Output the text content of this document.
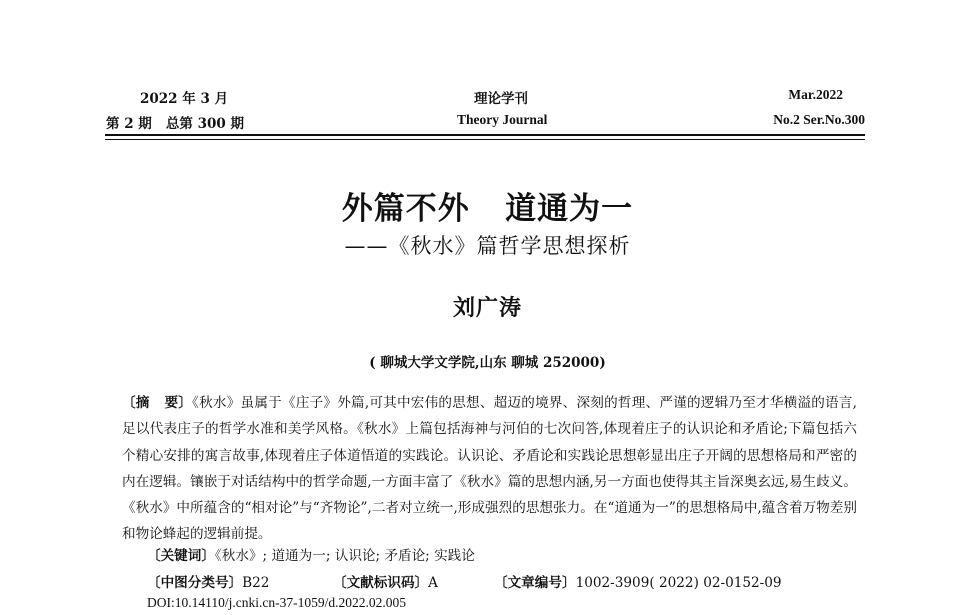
2022 年 3 月	理论学刊	Mar.2022
第 2 期   总第 300 期	Theory Journal	No.2 Ser.No.300
外篇不外   道通为一
——《秋水》篇哲学思想探析
刘广涛
( 聊城大学文学院,山东 聊城 252000)
〔摘   要〕《秋水》虽属于《庄子》外篇,可其中宏伟的思想、超迈的境界、深刻的哲理、严谨的逻辑乃至才华横溢的语言,足以代表庄子的哲学水准和美学风格。《秋水》上篇包括海神与河伯的七次问答,体现着庄子的认识论和矛盾论;下篇包括六个精心安排的寓言故事,体现着庄子体道悟道的实践论。认识论、矛盾论和实践论思想彰显出庄子开阔的思想格局和严密的内在逻辑。镶嵌于对话结构中的哲学命题,一方面丰富了《秋水》篇的思想内涵,另一方面也使得其主旨深奥玄远,易生歧义。《秋水》中所蕴含的“相对论”与“齐物论”,二者对立统一,形成强烈的思想张力。在“道通为一”的思想格局中,蕴含着万物差别和物论蜂起的逻辑前提。
〔关键词〕《秋水》; 道通为一; 认识论; 矛盾论; 实践论
〔中图分类号〕B22	〔文献标识码〕A	〔文章编号〕1002-3909( 2022) 02-0152-09
DOI:10.14110/j.cnki.cn-37-1059/d.2022.02.005
